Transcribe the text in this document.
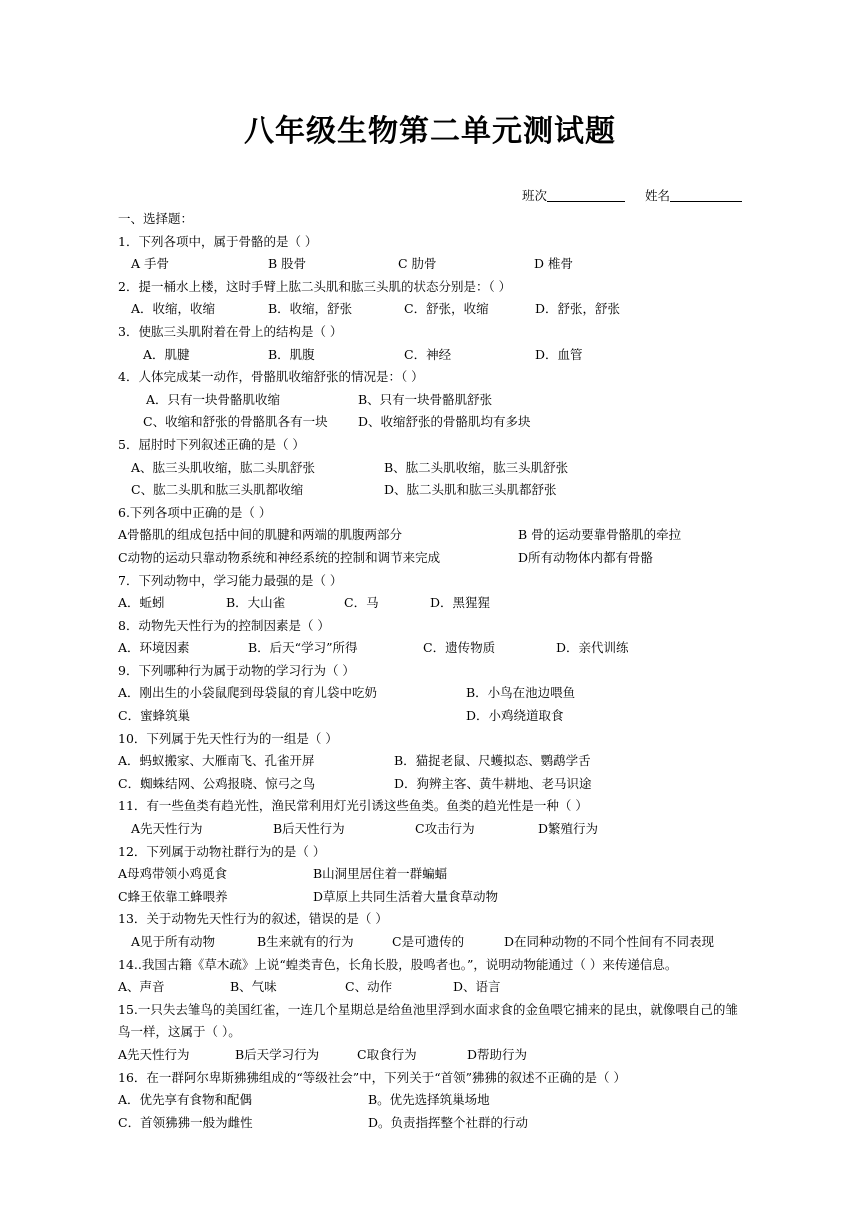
八年级生物第二单元测试题
班次	姓名
一、选择题：
1．下列各项中，属于骨骼的是（ ）
A 手骨	B 股骨	C 肋骨	D 椎骨
2．提一桶水上楼，这时手臂上肱二头肌和肱三头肌的状态分别是：（ ）
A．收缩，收缩	B．收缩，舒张	C．舒张，收缩	D．舒张，舒张
3．使肱三头肌附着在骨上的结构是（ ）
A．肌腱	B．肌腹	C．神经	D．血管
4．人体完成某一动作，骨骼肌收缩舒张的情况是：（ ）
A．只有一块骨骼肌收缩	B、只有一块骨骼肌舒张
C、收缩和舒张的骨骼肌各有一块 D、收缩舒张的骨骼肌均有多块
5．屈肘时下列叙述正确的是（ ）
A、肱三头肌收缩，肱二头肌舒张	B、肱二头肌收缩，肱三头肌舒张
C、肱二头肌和肱三头肌都收缩	D、肱二头肌和肱三头肌都舒张
6.下列各项中正确的是（ ）
A骨骼肌的组成包括中间的肌腱和两端的肌腹两部分	B 骨的运动要靠骨骼肌的牵拉
C动物的运动只靠动物系统和神经系统的控制和调节来完成	D所有动物体内都有骨骼
7．下列动物中，学习能力最强的是（ ）
A．蚯蚓	B．大山雀	C．马	D．黑猩猩
8．动物先天性行为的控制因素是（ ）
A．环境因素	B．后天“学习”所得	C．遗传物质	D．亲代训练
9．下列哪种行为属于动物的学习行为（ ）
A．刚出生的小袋鼠爬到母袋鼠的育儿袋中吃奶	B．小鸟在池边喂鱼
C．蜜蜂筑巢	D．小鸡绕道取食
10．下列属于先天性行为的一组是（ ）
A．蚂蚁搬家、大雁南飞、孔雀开屏	B．猫捉老鼠、尺蠖拟态、鹦鹉学舌
C．蜘蛛结网、公鸡报晓、惊弓之鸟	D．狗辨主客、黄牛耕地、老马识途
11．有一些鱼类有趋光性，渔民常利用灯光引诱这些鱼类。鱼类的趋光性是一种（ ）
A先天性行为	B后天性行为	C攻击行为	D繁殖行为
12．下列属于动物社群行为的是（ ）
A母鸡带领小鸡觅食	B山洞里居住着一群蝙蝠
C蜂王依靠工蜂喂养	D草原上共同生活着大量食草动物
13．关于动物先天性行为的叙述，错误的是（ ）
A见于所有动物	B生来就有的行为	C是可遗传的	D在同种动物的不同个性间有不同表现
14..我国古籍《草木疏》上说“蝗类青色，长角长股，股鸣者也。”，说明动物能通过（ ）来传递信息。
A、声音	B、气味	C、动作	D、语言
15.一只失去雏鸟的美国红雀，一连几个星期总是给鱼池里浮到水面求食的金鱼喂它捕来的昆虫，就像喂自己的雏鸟一样，这属于（ ）。
A先天性行为	B后天学习行为	C取食行为	D帮助行为
16．在一群阿尔卑斯狒狒组成的“等级社会”中，下列关于“首领”狒狒的叙述不正确的是（ ）
A．优先享有食物和配偶	B。优先选择筑巢场地
C．首领狒狒一般为雌性	D。负责指挥整个社群的行动
